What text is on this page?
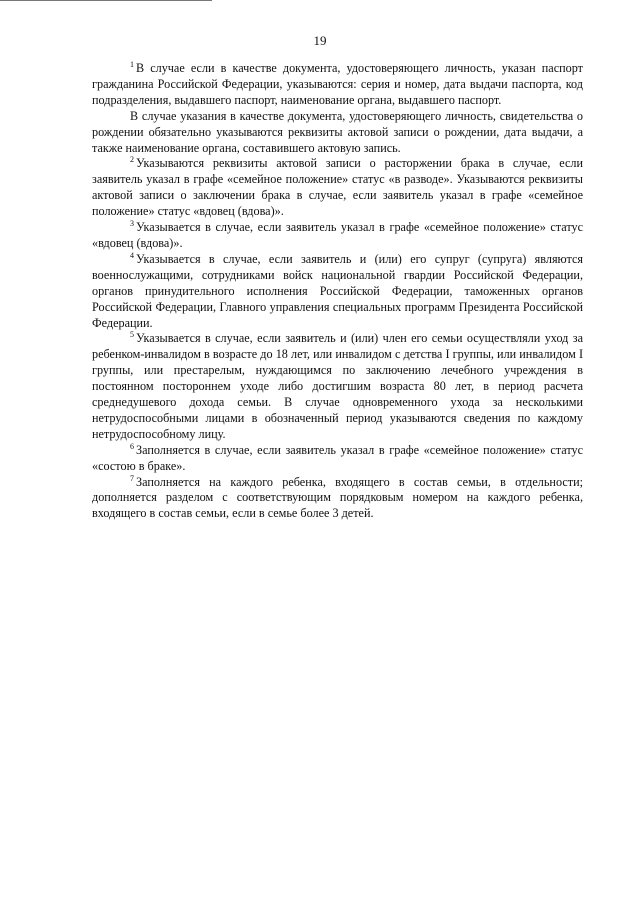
19

$^1$ В случае если в качестве документа, удостоверяющего личность, указан паспорт гражданина Российской Федерации, указываются: серия и номер, дата выдачи паспорта, код подразделения, выдавшего паспорт, наименование органа, выдавшего паспорт.

В случае указания в качестве документа, удостоверяющего личность, свидетельства о рождении обязательно указываются реквизиты актовой записи о рождении, дата выдачи, а также наименование органа, составившего актовую запись.

$^2$ Указываются реквизиты актовой записи о расторжении брака в случае, если заявитель указал в графе «семейное положение» статус «в разводе». Указываются реквизиты актовой записи о заключении брака в случае, если заявитель указал в графе «семейное положение» статус «вдовец (вдова)».

$^3$ Указывается в случае, если заявитель указал в графе «семейное положение» статус «вдовец (вдова)».

$^4$ Указывается в случае, если заявитель и (или) его супруг (супруга) являются военнослужащими, сотрудниками войск национальной гвардии Российской Федерации, органов принудительного исполнения Российской Федерации, таможенных органов Российской Федерации, Главного управления специальных программ Президента Российской Федерации.

$^5$ Указывается в случае, если заявитель и (или) член его семьи осуществляли уход за ребенком-инвалидом в возрасте до 18 лет, или инвалидом с детства I группы, или инвалидом I группы, или престарелым, нуждающимся по заключению лечебного учреждения в постоянном постороннем уходе либо достигшим возраста 80 лет, в период расчета среднедушевого дохода семьи. В случае одновременного ухода за несколькими нетрудоспособными лицами в обозначенный период указываются сведения по каждому нетрудоспособному лицу.

$^6$ Заполняется в случае, если заявитель указал в графе «семейное положение» статус «состою в браке».

$^7$ Заполняется на каждого ребенка, входящего в состав семьи, в отдельности; дополняется разделом с соответствующим порядковым номером на каждого ребенка, входящего в состав семьи, если в семье более 3 детей.
